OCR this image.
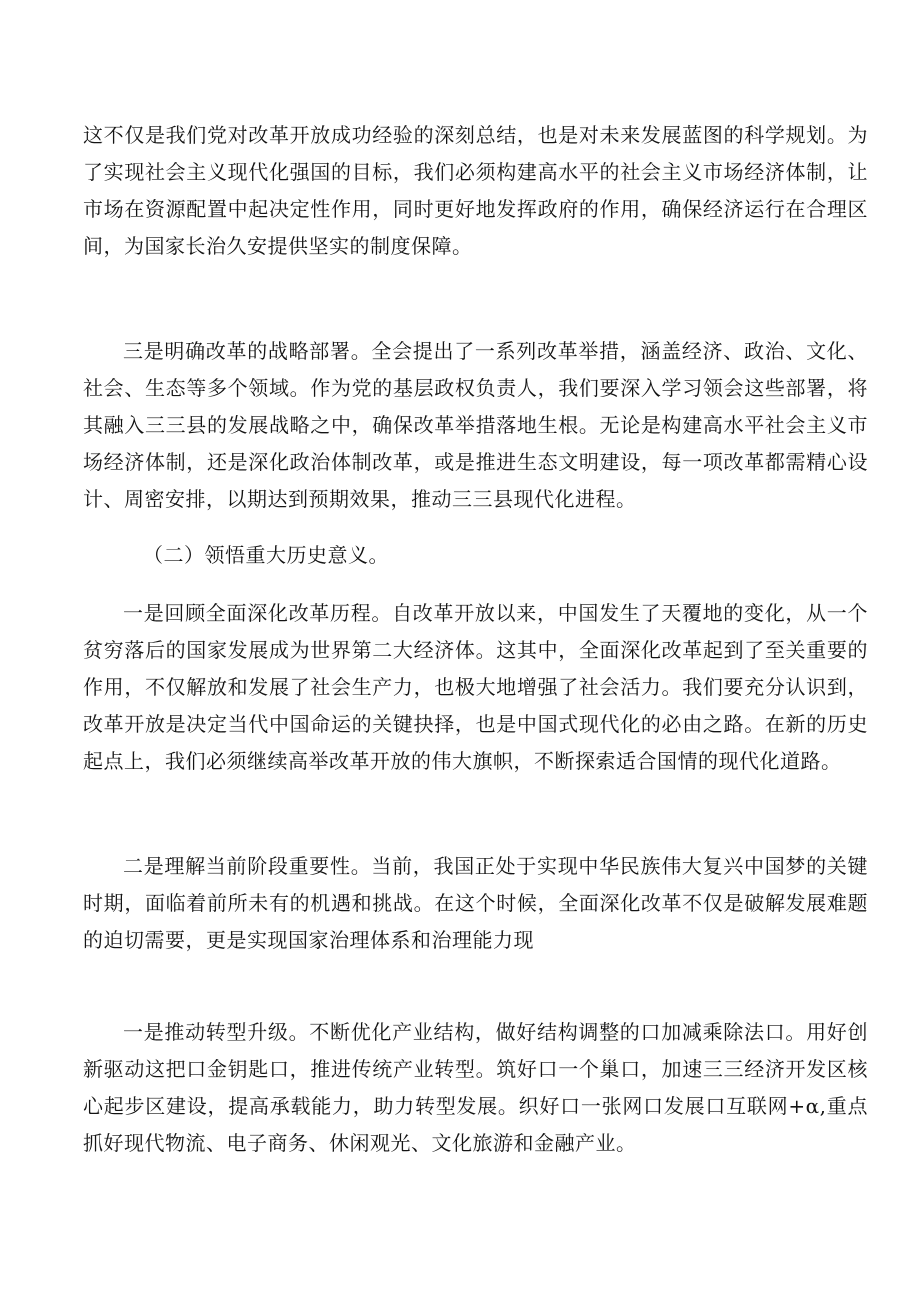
这不仅是我们党对改革开放成功经验的深刻总结，也是对未来发展蓝图的科学规划。为了实现社会主义现代化强国的目标，我们必须构建高水平的社会主义市场经济体制，让市场在资源配置中起决定性作用，同时更好地发挥政府的作用，确保经济运行在合理区间，为国家长治久安提供坚实的制度保障。

三是明确改革的战略部署。全会提出了一系列改革举措，涵盖经济、政治、文化、社会、生态等多个领域。作为党的基层政权负责人，我们要深入学习领会这些部署，将其融入三三县的发展战略之中，确保改革举措落地生根。无论是构建高水平社会主义市场经济体制，还是深化政治体制改革，或是推进生态文明建设，每一项改革都需精心设计、周密安排，以期达到预期效果，推动三三县现代化进程。

（二）领悟重大历史意义。

一是回顾全面深化改革历程。自改革开放以来，中国发生了天覆地的变化，从一个贫穷落后的国家发展成为世界第二大经济体。这其中，全面深化改革起到了至关重要的作用，不仅解放和发展了社会生产力，也极大地增强了社会活力。我们要充分认识到，改革开放是决定当代中国命运的关键抉择，也是中国式现代化的必由之路。在新的历史起点上，我们必须继续高举改革开放的伟大旗帜，不断探索适合国情的现代化道路。

二是理解当前阶段重要性。当前，我国正处于实现中华民族伟大复兴中国梦的关键时期，面临着前所未有的机遇和挑战。在这个时候，全面深化改革不仅是破解发展难题的迫切需要，更是实现国家治理体系和治理能力现

一是推动转型升级。不断优化产业结构，做好结构调整的口加减乘除法口。用好创新驱动这把口金钥匙口，推进传统产业转型。筑好口一个巢口，加速三三经济开发区核心起步区建设，提高承载能力，助力转型发展。织好口一张网口发展口互联网+α,重点抓好现代物流、电子商务、休闲观光、文化旅游和金融产业。
